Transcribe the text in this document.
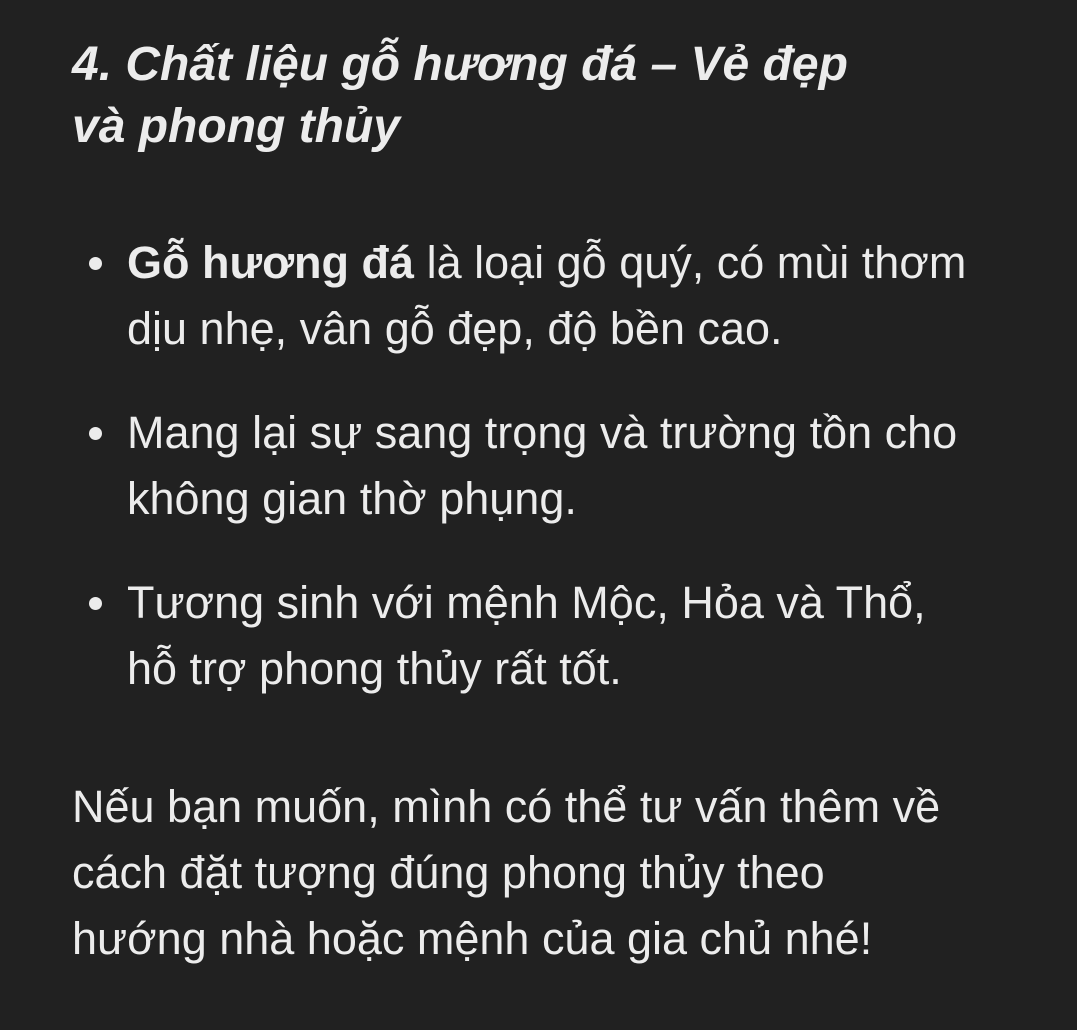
4. Chất liệu gỗ hương đá – Vẻ đẹp và phong thủy
Gỗ hương đá là loại gỗ quý, có mùi thơm dịu nhẹ, vân gỗ đẹp, độ bền cao.
Mang lại sự sang trọng và trường tồn cho không gian thờ phụng.
Tương sinh với mệnh Mộc, Hỏa và Thổ, hỗ trợ phong thủy rất tốt.

Nếu bạn muốn, mình có thể tư vấn thêm về cách đặt tượng đúng phong thủy theo hướng nhà hoặc mệnh của gia chủ nhé!
